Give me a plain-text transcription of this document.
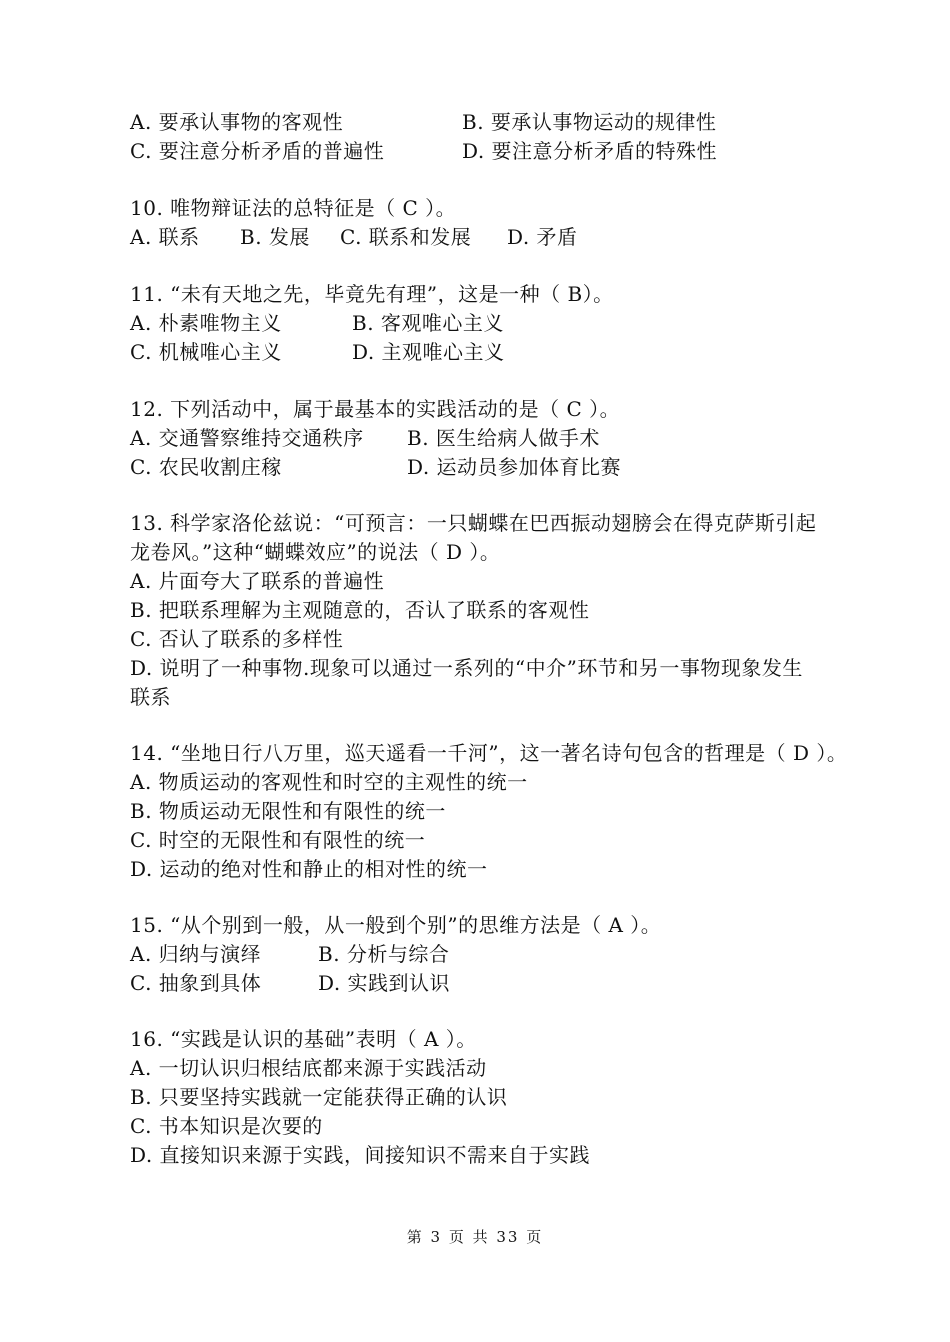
A. 要承认事物的客观性	B. 要承认事物运动的规律性
C. 要注意分析矛盾的普遍性	D. 要注意分析矛盾的特殊性
10. 唯物辩证法的总特征是（ C ）。
A. 联系 B. 发展 C. 联系和发展 D. 矛盾
11. “未有天地之先，毕竟先有理”，这是一种（ B）。
A. 朴素唯物主义	B. 客观唯心主义
C. 机械唯心主义	D. 主观唯心主义
12. 下列活动中，属于最基本的实践活动的是（ C ）。
A. 交通警察维持交通秩序 B. 医生给病人做手术
C. 农民收割庄稼	D. 运动员参加体育比赛
13. 科学家洛伦兹说：“可预言：一只蝴蝶在巴西振动翅膀会在得克萨斯引起
龙卷风。”这种“蝴蝶效应”的说法（ D ）。
A. 片面夸大了联系的普遍性
B. 把联系理解为主观随意的，否认了联系的客观性
C. 否认了联系的多样性
D. 说明了一种事物.现象可以通过一系列的“中介”环节和另一事物现象发生
联系
14. “坐地日行八万里，巡天遥看一千河”，这一著名诗句包含的哲理是（ D ）。
A. 物质运动的客观性和时空的主观性的统一
B. 物质运动无限性和有限性的统一
C. 时空的无限性和有限性的统一
D. 运动的绝对性和静止的相对性的统一
15. “从个别到一般，从一般到个别”的思维方法是（ A ）。
A. 归纳与演绎	B. 分析与综合
C. 抽象到具体	D. 实践到认识
16. “实践是认识的基础”表明（ A ）。
A. 一切认识归根结底都来源于实践活动
B. 只要坚持实践就一定能获得正确的认识
C. 书本知识是次要的
D. 直接知识来源于实践，间接知识不需来自于实践
第 3 页 共 33 页
